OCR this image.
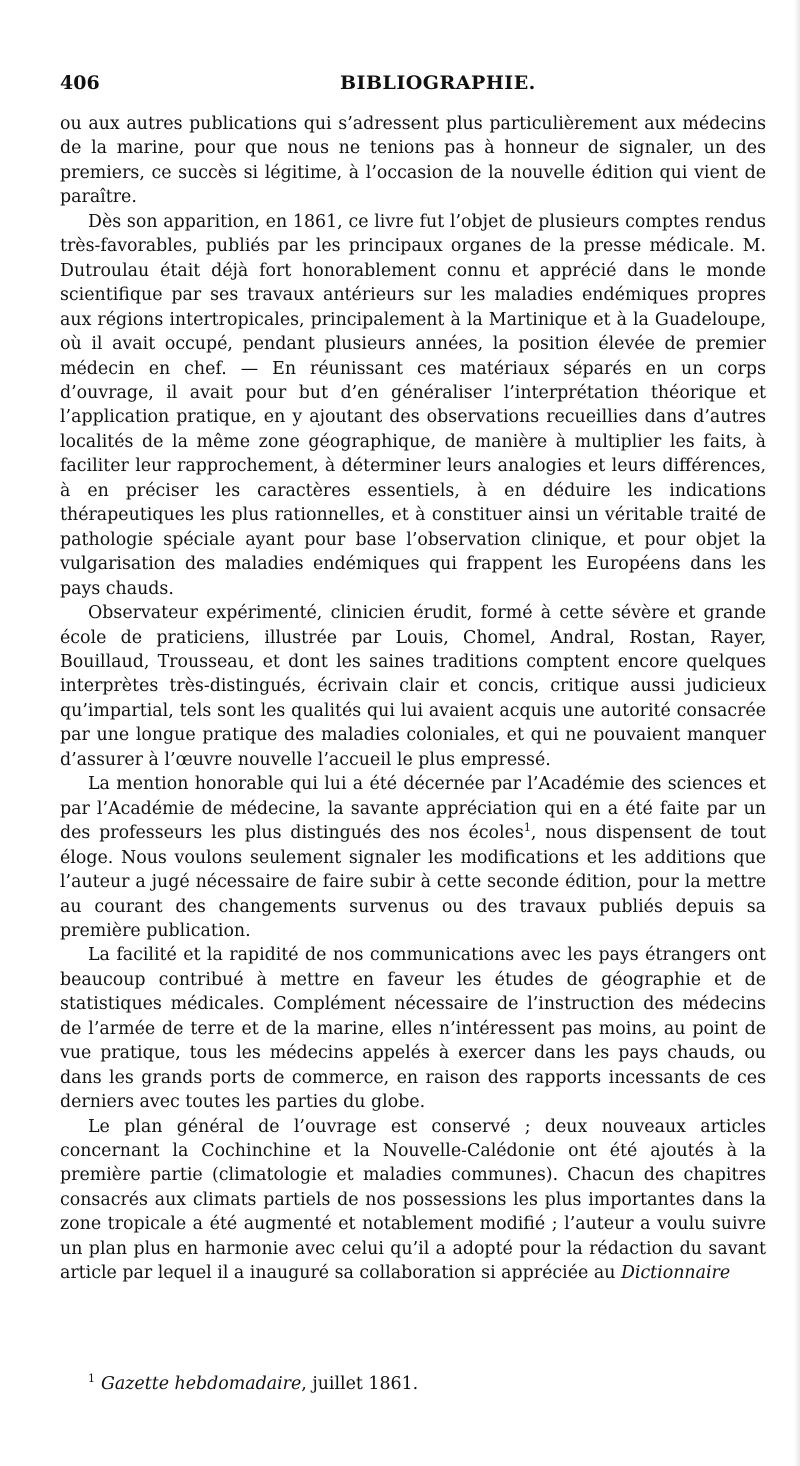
406	BIBLIOGRAPHIE.

ou aux autres publications qui s’adressent plus particulièrement aux médecins de la marine, pour que nous ne tenions pas à honneur de signaler, un des premiers, ce succès si légitime, à l’occasion de la nouvelle édition qui vient de paraître.

Dès son apparition, en 1861, ce livre fut l’objet de plusieurs comptes rendus très-favorables, publiés par les principaux organes de la presse médicale. M. Dutroulau était déjà fort honorablement connu et apprécié dans le monde scientifique par ses travaux antérieurs sur les maladies endémiques propres aux régions intertropicales, principalement à la Martinique et à la Guadeloupe, où il avait occupé, pendant plusieurs années, la position élevée de premier médecin en chef. — En réunissant ces matériaux séparés en un corps d’ouvrage, il avait pour but d’en généraliser l’interprétation théorique et l’application pratique, en y ajoutant des observations recueillies dans d’autres localités de la même zone géographique, de manière à multiplier les faits, à faciliter leur rapprochement, à déterminer leurs analogies et leurs différences, à en préciser les caractères essentiels, à en déduire les indications thérapeutiques les plus rationnelles, et à constituer ainsi un véritable traité de pathologie spéciale ayant pour base l’observation clinique, et pour objet la vulgarisation des maladies endémiques qui frappent les Européens dans les pays chauds.

Observateur expérimenté, clinicien érudit, formé à cette sévère et grande école de praticiens, illustrée par Louis, Chomel, Andral, Rostan, Rayer, Bouillaud, Trousseau, et dont les saines traditions comptent encore quelques interprètes très-distingués, écrivain clair et concis, critique aussi judicieux qu’impartial, tels sont les qualités qui lui avaient acquis une autorité consacrée par une longue pratique des maladies coloniales, et qui ne pouvaient manquer d’assurer à l’œuvre nouvelle l’accueil le plus empressé.

La mention honorable qui lui a été décernée par l’Académie des sciences et par l’Académie de médecine, la savante appréciation qui en a été faite par un des professeurs les plus distingués des nos écoles$^1$, nous dispensent de tout éloge. Nous voulons seulement signaler les modifications et les additions que l’auteur a jugé nécessaire de faire subir à cette seconde édition, pour la mettre au courant des changements survenus ou des travaux publiés depuis sa première publication.

La facilité et la rapidité de nos communications avec les pays étrangers ont beaucoup contribué à mettre en faveur les études de géographie et de statistiques médicales. Complément nécessaire de l’instruction des médecins de l’armée de terre et de la marine, elles n’intéressent pas moins, au point de vue pratique, tous les médecins appelés à exercer dans les pays chauds, ou dans les grands ports de commerce, en raison des rapports incessants de ces derniers avec toutes les parties du globe.

Le plan général de l’ouvrage est conservé ; deux nouveaux articles concernant la Cochinchine et la Nouvelle-Calédonie ont été ajoutés à la première partie (climatologie et maladies communes). Chacun des chapitres consacrés aux climats partiels de nos possessions les plus importantes dans la zone tropicale a été augmenté et notablement modifié ; l’auteur a voulu suivre un plan plus en harmonie avec celui qu’il a adopté pour la rédaction du savant article par lequel il a inauguré sa collaboration si appréciée au Dictionnaire

$^1$ Gazette hebdomadaire, juillet 1861.
